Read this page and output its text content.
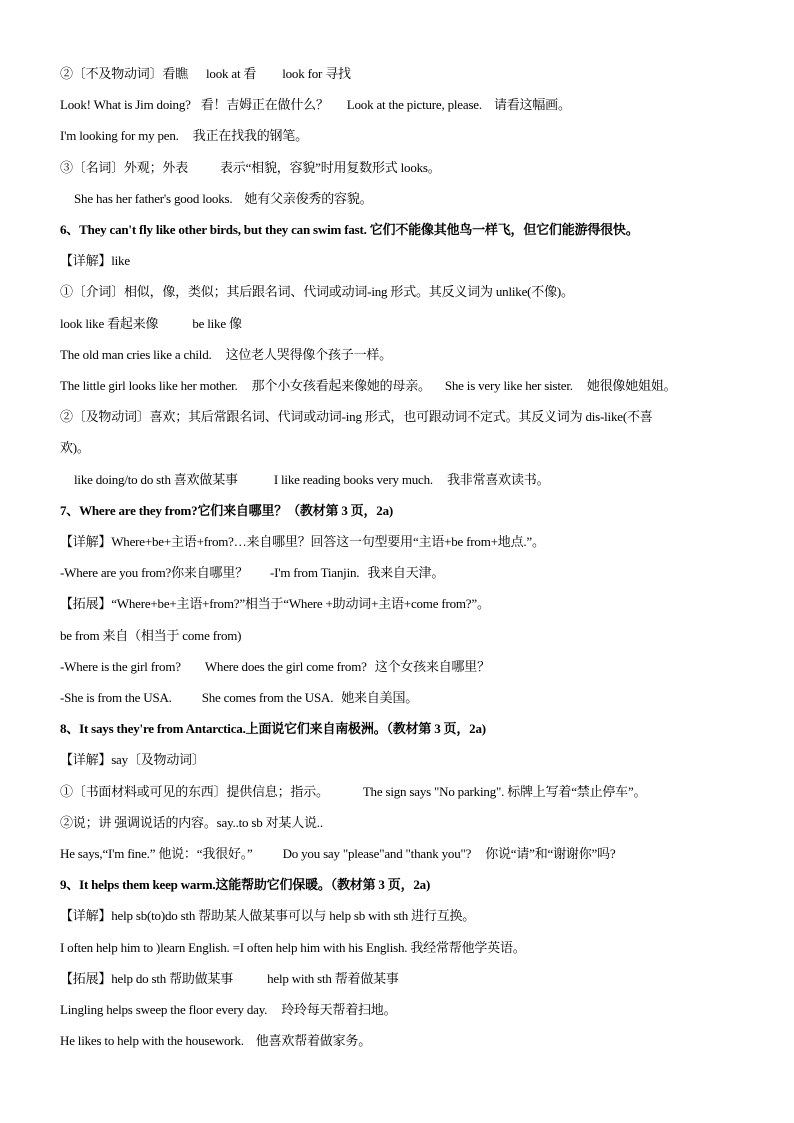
②〔不及物动词〕看瞧 look at 看 look for 寻找
Look! What is Jim doing? 看！吉姆正在做什么？ Look at the picture, please. 请看这幅画。
I'm looking for my pen. 我正在找我的钢笔。
③〔名词〕外观；外表 表示“相貌，容貌”时用复数形式 looks。
She has her father's good looks. 她有父亲俊秀的容貌。
6、They can't fly like other birds, but they can swim fast. 它们不能像其他鸟一样飞，但它们能游得很快。
【详解】like
①〔介词〕相似，像，类似；其后跟名词、代词或动词-ing 形式。其反义词为 unlike(不像)。
look like 看起来像	be like 像
The old man cries like a child. 这位老人哭得像个孩子一样。
The little girl looks like her mother. 那个小女孩看起来像她的母亲。 She is very like her sister. 她很像她姐姐。
②〔及物动词〕喜欢；其后常跟名词、代词或动词-ing 形式，也可跟动词不定式。其反义词为 dis-like(不喜
欢)。
like doing/to do sth 喜欢做某事	I like reading books very much. 我非常喜欢读书。
7、Where are they from?它们来自哪里？（教材第 3 页，2a)
【详解】Where+be+主语+from?…来自哪里？回答这一句型要用“主语+be from+地点.”。
-Where are you from?你来自哪里？ -I'm from Tianjin. 我来自天津。
【拓展】“Where+be+主语+from?”相当于“Where +助动词+主语+come from?”。
be from 来自（相当于 come from)
-Where is the girl from? Where does the girl come from? 这个女孩来自哪里？
-She is from the USA. She comes from the USA. 她来自美国。
8、It says they're from Antarctica.上面说它们来自南极洲。（教材第 3 页，2a)
【详解】say〔及物动词〕
①〔书面材料或可见的东西〕提供信息；指示。	The sign says "No parking". 标牌上写着“禁止停车”。
②说；讲 强调说话的内容。say..to sb 对某人说..
He says,“I'm fine.” 他说：“我很好。” Do you say "please"and "thank you"? 你说“请”和“谢谢你”吗?
9、It helps them keep warm.这能帮助它们保暖。（教材第 3 页，2a)
【详解】help sb(to)do sth 帮助某人做某事可以与 help sb with sth 进行互换。
I often help him to )learn English. =I often help him with his English. 我经常帮他学英语。
【拓展】help do sth 帮助做某事	help with sth 帮着做某事
Lingling helps sweep the floor every day. 玲玲每天帮着扫地。
He likes to help with the housework. 他喜欢帮着做家务。
